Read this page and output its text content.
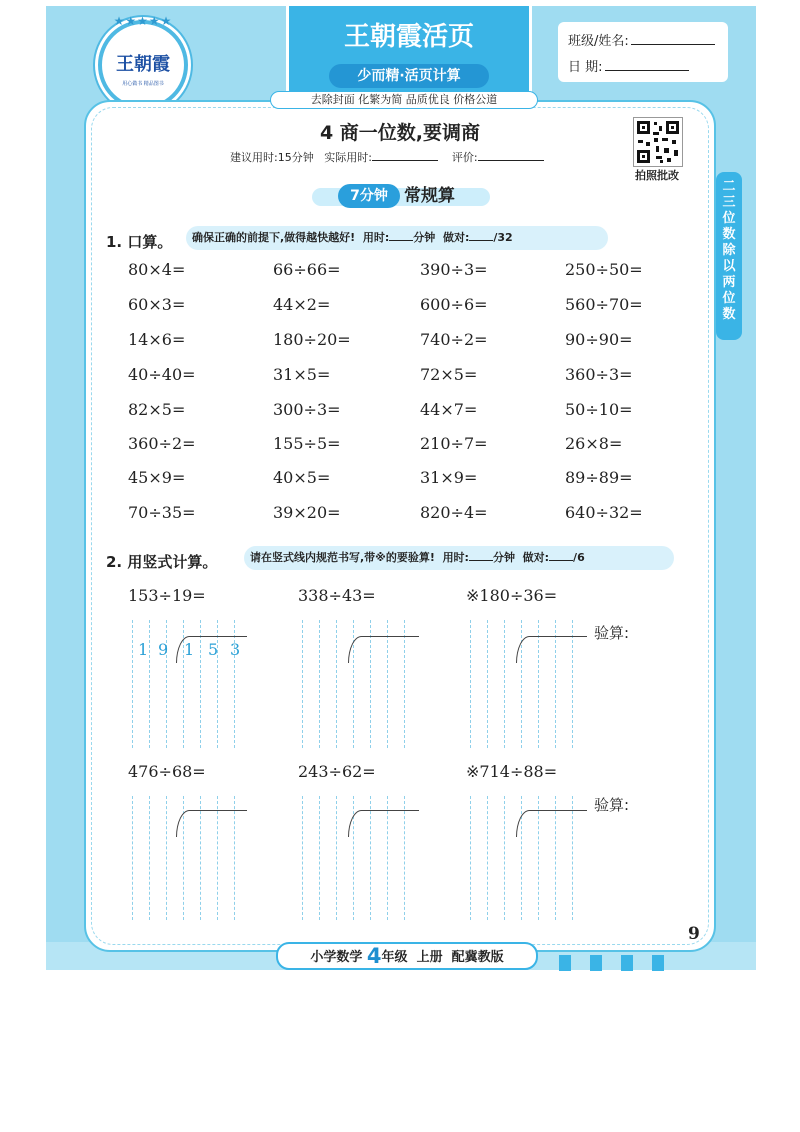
王朝霞活页
少而精·活页计算
★★★★★
王朝霞
用心做书 精品图书
班级/姓名:
日 期:
去除封面 化繁为简 品质优良 价格公道
4 商一位数,要调商
建议用时:15分钟 实际用时:	评价:
拍照批改
二三位数除以两位数
7分钟 常规算
1. 口算。	确保正确的前提下,做得越快越好! 用时: 分钟 做对: /32
80×4=	66÷66=	390÷3=	250÷50=
60×3=	44×2=	600÷6=	560÷70=
14×6=	180÷20=	740÷2=	90÷90=
40÷40=	31×5=	72×5=	360÷3=
82×5=	300÷3=	44×7=	50÷10=
360÷2=	155÷5=	210÷7=	26×8=
45×9=	40×5=	31×9=	89÷89=
70÷35=	39×20=	820÷4=	640÷32=
2. 用竖式计算。	请在竖式线内规范书写,带※的要验算! 用时: 分钟 做对: /6
153÷19=	338÷43=	※180÷36=
验算:
476÷68=	243÷62=	※714÷88=
验算:
1 9 1 5 3
小学数学 4年级 上册 配冀教版
9
